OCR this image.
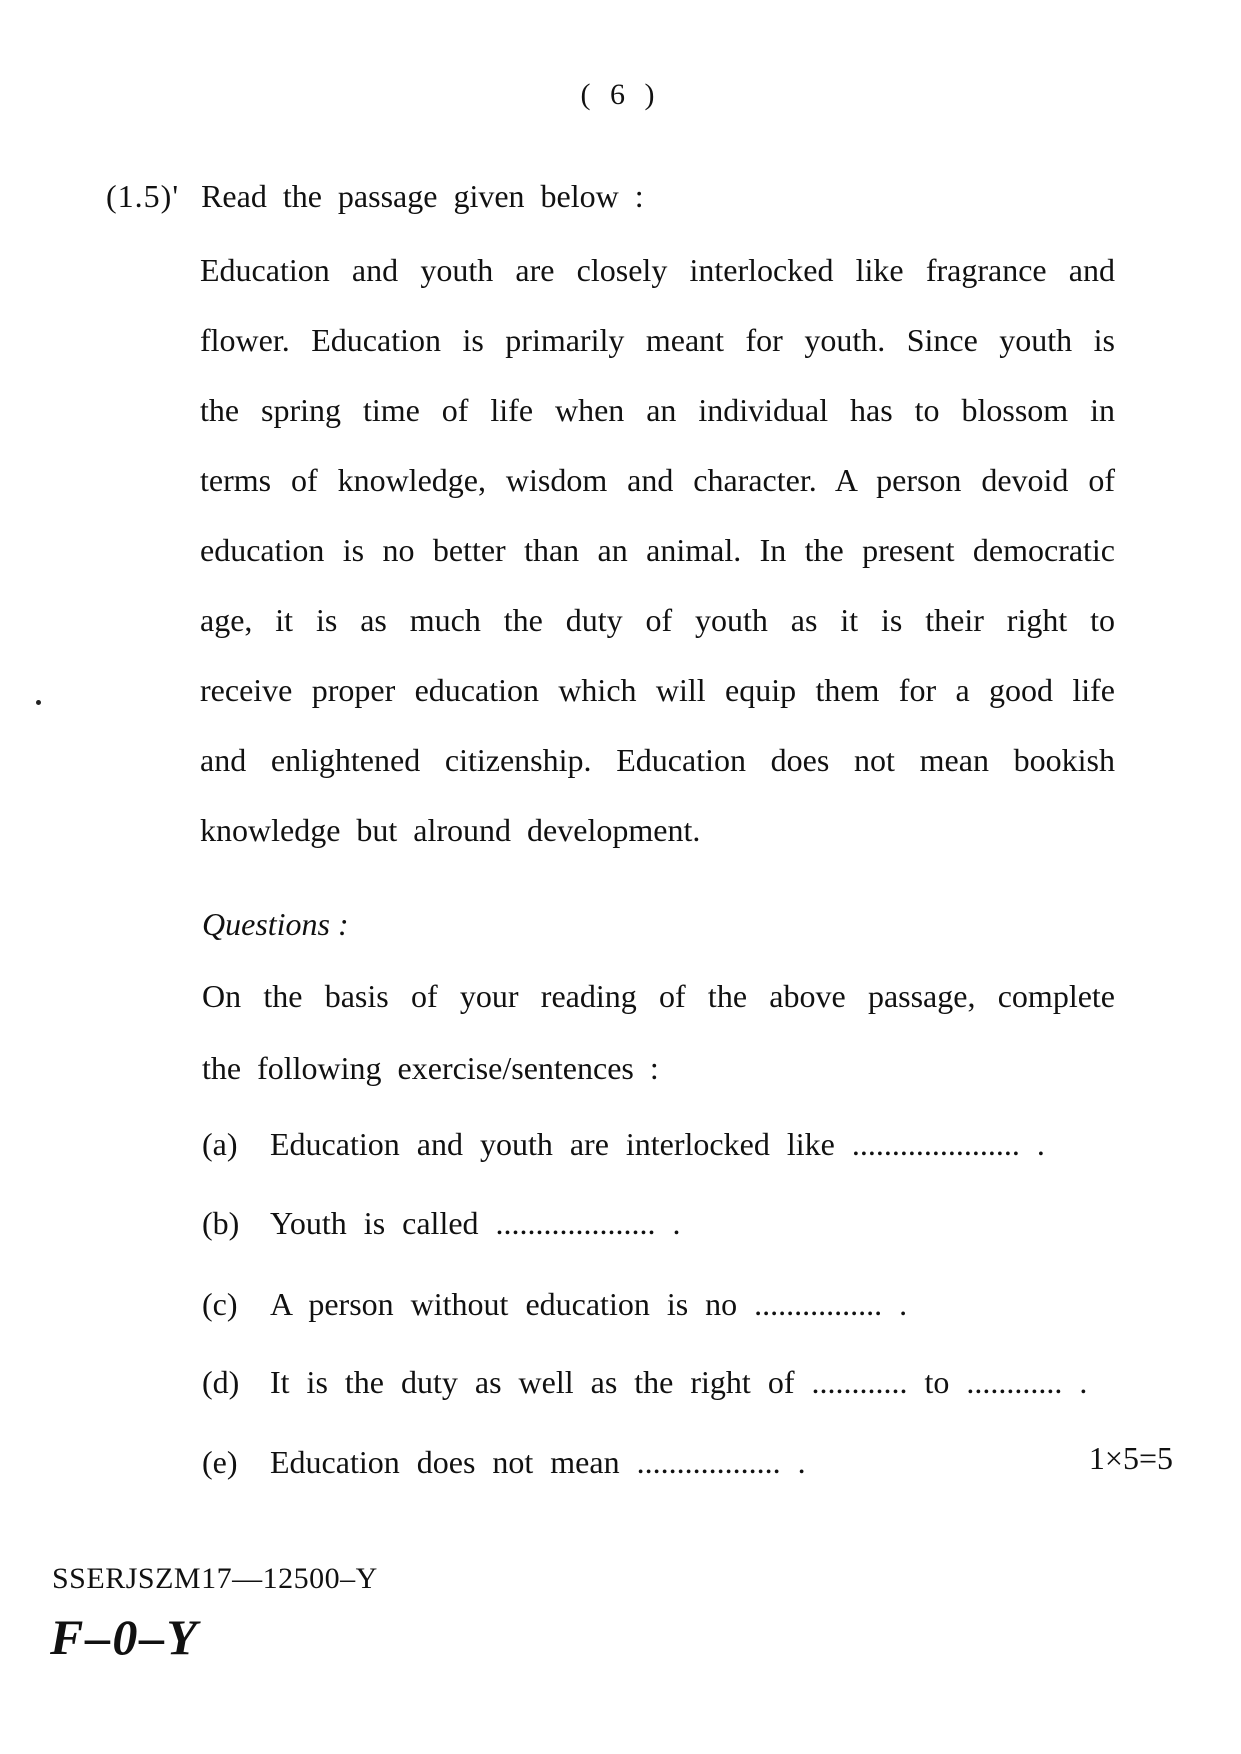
( 6 )
(1.5)' Read the passage given below :
Education and youth are closely interlocked like fragrance and
flower. Education is primarily meant for youth. Since youth is
the spring time of life when an individual has to blossom in
terms of knowledge, wisdom and character. A person devoid of
education is no better than an animal. In the present democratic
age, it is as much the duty of youth as it is their right to
receive proper education which will equip them for a good life
and enlightened citizenship. Education does not mean bookish
knowledge but alround development.
Questions :
On the basis of your reading of the above passage, complete
the following exercise/sentences :
(a) Education and youth are interlocked like ..................... .
(b) Youth is called .................... .
(c) A person without education is no ................ .
(d) It is the duty as well as the right of ............ to ............ .
(e) Education does not mean .................. .	1×5=5
SSERJSZM17—12500–Y
F–0–Y
